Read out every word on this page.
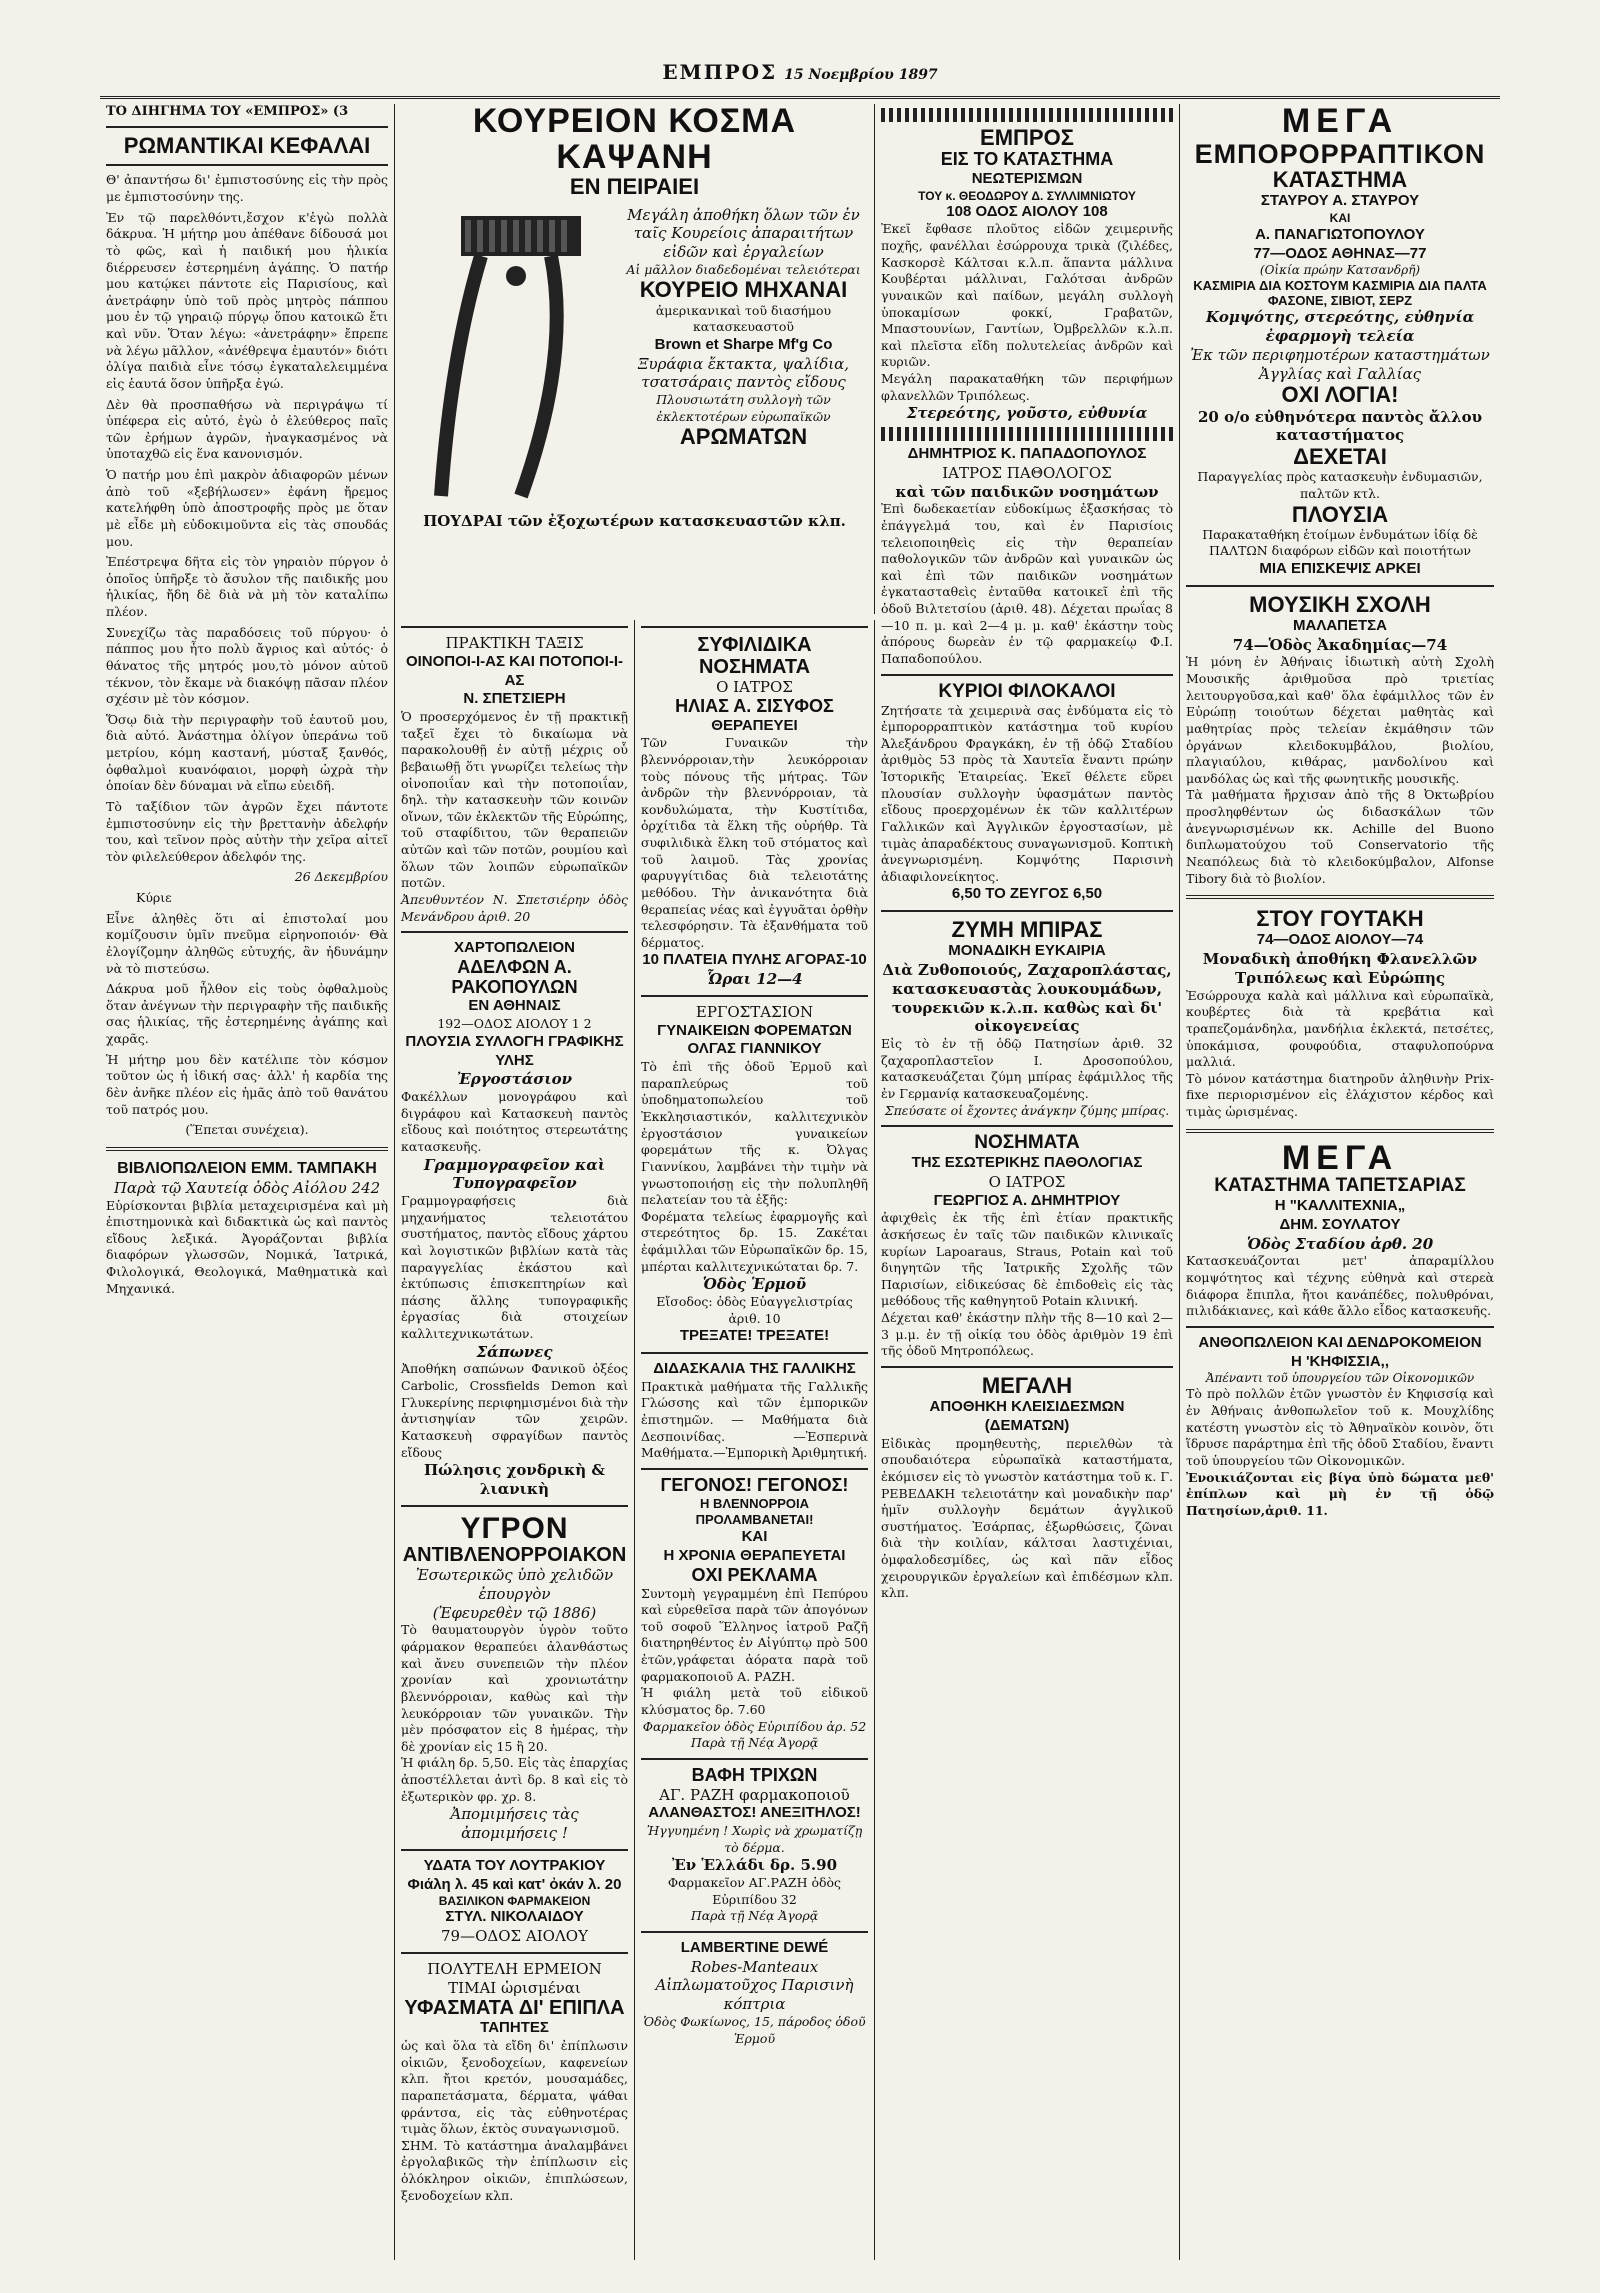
ΕΜΠΡΟΣ 15 Νοεμβρίου 1897
ΤΟ ΔΙΗΓΗΜΑ ΤΟΥ «ΕΜΠΡΟΣ» (3
ΡΩΜΑΝΤΙΚΑΙ ΚΕΦΑΛΑΙ

Θ' ἀπαντήσω δι' ἐμπιστοσύνης εἰς τὴν πρὸς με ἐμπιστοσύνην της.

Ἐν τῷ παρελθόντι,ἔσχον κ'ἐγὼ πολλὰ δάκρυα. Ἡ μήτηρ μου ἀπέθανε δίδουσά μοι τὸ φῶς, καὶ ἡ παιδική μου ἡλικία διέρρευσεν ἐστερημένη ἀγάπης. Ὁ πατήρ μου κατῴκει πάντοτε εἰς Παρισίους, καὶ ἀνετράφην ὑπὸ τοῦ πρὸς μητρὸς πάππου μου ἐν τῷ γηραιῷ πύργῳ ὅπου κατοικῶ ἔτι καὶ νῦν. Ὅταν λέγω: «ἀνετράφην» ἔπρεπε νὰ λέγω μᾶλλον, «ἀνέθρεψα ἐμαυτόν» διότι ὀλίγα παιδιὰ εἶνε τόσῳ ἐγκαταλελειμμένα εἰς ἑαυτά ὅσον ὑπῆρξα ἐγώ.

Δὲν θὰ προσπαθήσω νὰ περιγράψω τί ὑπέφερα εἰς αὐτό, ἐγὼ ὁ ἐλεύθερος παῖς τῶν ἐρήμων ἀγρῶν, ἠναγκασμένος νὰ ὑποταχθῶ εἰς ἕνα κανονισμόν.

Ὁ πατήρ μου ἐπὶ μακρὸν ἀδιαφορῶν μένων ἀπὸ τοῦ «ξεβήλωσεν» ἐφάνη ἤρεμος κατελήφθη ὑπὸ ἀποστροφῆς πρὸς με ὅταν μὲ εἶδε μὴ εὐδοκιμοῦντα εἰς τὰς σπουδάς μου.

Ἐπέστρεψα δῆτα εἰς τὸν γηραιὸν πύργον ὁ ὁποῖος ὑπῆρξε τὸ ἄσυλον τῆς παιδικῆς μου ἡλικίας, ἤδη δὲ διὰ νὰ μὴ τὸν καταλίπω πλέον.

Συνεχίζω τὰς παραδόσεις τοῦ πύργου· ὁ πάππος μου ἦτο πολὺ ἄγριος καὶ αὐτός· ὁ θάνατος τῆς μητρός μου,τὸ μόνον αὐτοῦ τέκνον, τὸν ἔκαμε νὰ διακόψῃ πᾶσαν πλέον σχέσιν μὲ τὸν κόσμον.

Ὅσῳ διὰ τὴν περιγραφὴν τοῦ ἑαυτοῦ μου, διὰ αὐτό. Ἀνάστημα ὀλίγον ὑπεράνω τοῦ μετρίου, κόμη καστανή, μύσταξ ξανθός, ὀφθαλμοὶ κυανόφαιοι, μορφὴ ὠχρὰ τὴν ὁποίαν δὲν δύναμαι νὰ εἴπω εὐειδῆ.

Τὸ ταξίδιον τῶν ἀγρῶν ἔχει πάντοτε ἐμπιστοσύνην εἰς τὴν βρεττανὴν ἀδελφήν του, καὶ τεῖνον πρὸς αὐτὴν τὴν χεῖρα αἰτεῖ τὸν φιλελεύθερον ἀδελφόν της.

26 Δεκεμβρίου

Κύριε

Εἶνε ἀληθὲς ὅτι αἱ ἐπιστολαί μου κομίζουσιν ὑμῖν πνεῦμα εἰρηνοποιόν· Θὰ ἐλογίζομην ἀληθῶς εὐτυχής, ἂν ἠδυνάμην νὰ τὸ πιστεύσω.

Δάκρυα μοῦ ἦλθον εἰς τοὺς ὀφθαλμοὺς ὅταν ἀνέγνων τὴν περιγραφὴν τῆς παιδικῆς σας ἡλικίας, τῆς ἐστερημένης ἀγάπης καὶ χαρᾶς.

Ἡ μήτηρ μου δὲν κατέλιπε τὸν κόσμον τοῦτον ὡς ἡ ἰδική σας· ἀλλ' ἡ καρδία της δὲν ἀνῆκε πλέον εἰς ἡμᾶς ἀπὸ τοῦ θανάτου τοῦ πατρός μου.

(Ἕπεται συνέχεια).

ΒΙΒΛΙΟΠΩΛΕΙΟΝ ΕΜΜ. ΤΑΜΠΑΚΗ
Παρὰ τῷ Χαυτείᾳ ὁδὸς Αἰόλου 242
Εὑρίσκονται βιβλία μεταχειρισμένα καὶ μὴ ἐπιστημονικὰ καὶ διδακτικὰ ὡς καὶ παντὸς εἴδους λεξικά. Ἀγοράζονται βιβλία διαφόρων γλωσσῶν, Νομικά, Ἰατρικά, Φιλολογικά, Θεολογικά, Μαθηματικὰ καὶ Μηχανικά.
ΚΟΥΡΕΙΟΝ ΚΟΣΜΑ ΚΑΨΑΝΗ
ΕΝ ΠΕΙΡΑΙΕΙ
Μεγάλη ἀποθήκη ὅλων τῶν ἐν ταῖς Κουρείοις ἀπαραιτήτων εἰδῶν καὶ ἐργαλείων
Αἱ μᾶλλον διαδεδομέναι τελειότεραι
ΚΟΥΡΕΙΟ ΜΗΧΑΝΑΙ
ἀμερικανικαὶ τοῦ διασήμου κατασκευαστοῦ
Brown et Sharpe Mf'g Co
Ξυράφια ἔκτακτα, ψαλίδια, τσατσάραις παντὸς εἴδους
Πλουσιωτάτη συλλογὴ τῶν ἐκλεκτοτέρων εὐρωπαϊκῶν
ΑΡΩΜΑΤΩΝ
ΠΟΥΔΡΑΙ τῶν ἐξοχωτέρων κατασκευαστῶν κλπ.
ΠΡΑΚΤΙΚΗ ΤΑΞΙΣ
ΟΙΝΟΠΟΙ-Ι-ΑΣ ΚΑΙ ΠΟΤΟΠΟΙ-Ι-ΑΣ
Ν. ΣΠΕΤΣΙΕΡΗ
Ὁ προσερχόμενος ἐν τῇ πρακτικῇ ταξεῖ ἔχει τὸ δικαίωμα νὰ παρακολουθῇ ἐν αὐτῇ μέχρις οὗ βεβαιωθῇ ὅτι γνωρίζει τελείως τὴν οἰνοποιΐαν καὶ τὴν ποτοποιΐαν, δηλ. τὴν κατασκευὴν τῶν κοινῶν οἴνων, τῶν ἐκλεκτῶν τῆς Εὐρώπης, τοῦ σταφίδιτου, τῶν θεραπειῶν αὐτῶν καὶ τῶν ποτῶν, ρουμίου καὶ ὅλων τῶν λοιπῶν εὐρωπαϊκῶν ποτῶν.
Ἀπευθυντέον Ν. Σπετσιέρην ὁδὸς Μενάνδρου ἀριθ. 20
ΧΑΡΤΟΠΩΛΕΙΟΝ
ΑΔΕΛΦΩΝ Α. ΡΑΚΟΠΟΥΛΩΝ
ΕΝ ΑΘΗΝΑΙΣ
192—ΟΔΟΣ ΑΙΟΛΟΥ 1 2
ΠΛΟΥΣΙΑ ΣΥΛΛΟΓΗ ΓΡΑΦΙΚΗΣ ΥΛΗΣ
Ἐργοστάσιον
Φακέλλων μονογράφου καὶ διγράφου καὶ Κατασκευὴ παντὸς εἴδους καὶ ποιότητος στερεωτάτης κατασκευῆς.
Γραμμογραφεῖον καὶ Τυπογραφεῖον
Γραμμογραφήσεις διὰ μηχανήματος τελειοτάτου συστήματος, παντὸς εἴδους χάρτου καὶ λογιστικῶν βιβλίων κατὰ τὰς παραγγελίας ἑκάστου καὶ ἐκτύπωσις ἐπισκεπτηρίων καὶ πάσης ἄλλης τυπογραφικῆς ἐργασίας διὰ στοιχείων καλλιτεχνικωτάτων.
Σάπωνες
Ἀποθήκη σαπώνων Φανικοῦ ὀξέος Carbolic, Crossfields Demon καὶ Γλυκερίνης περιφημισμένοι διὰ τὴν ἀντισηψίαν τῶν χειρῶν. Κατασκευὴ σφραγίδων παντὸς εἴδους
Πώλησις χονδρικὴ & λιανικὴ
ΥΓΡΟΝ
ΑΝΤΙΒΛΕΝΟΡΡΟΙΑΚΟΝ
Ἐσωτερικῶς ὑπὸ χελιδῶν ἐπουργὸν
(Ἐφευρεθὲν τῷ 1886)
Τὸ θαυματουργὸν ὑγρὸν τοῦτο φάρμακον θεραπεύει ἀλανθάστως καὶ ἄνευ συνεπειῶν τὴν πλέον χρονίαν καὶ χρονιωτάτην βλεννόρροιαν, καθὼς καὶ τὴν λευκόρροιαν τῶν γυναικῶν. Τὴν μὲν πρόσφατον εἰς 8 ἡμέρας, τὴν δὲ χρονίαν εἰς 15 ἢ 20.
Ἡ φιάλη δρ. 5,50. Εἰς τὰς ἐπαρχίας ἀποστέλλεται ἀντὶ δρ. 8 καὶ εἰς τὸ ἐξωτερικὸν φρ. χρ. 8.
Ἀπομιμήσεις τὰς ἀπομιμήσεις !
ΥΔΑΤΑ ΤΟΥ ΛΟΥΤΡΑΚΙΟΥ
Φιάλη λ. 45 καὶ κατ' ὀκάν λ. 20
ΒΑΣΙΛΙΚΟΝ ΦΑΡΜΑΚΕΙΟΝ
ΣΤΥΛ. ΝΙΚΟΛΑΙΔΟΥ
79—ΟΔΟΣ ΑΙΟΛΟΥ
ΠΟΛΥΤΕΛΗ ΕΡΜΕΙΟΝ ΤΙΜΑΙ ὡρισμέναι
ΥΦΑΣΜΑΤΑ ΔΙ' ΕΠΙΠΛΑ
ΤΑΠΗΤΕΣ
ὡς καὶ ὅλα τὰ εἴδη δι' ἐπίπλωσιν οἰκιῶν, ξενοδοχείων, καφενείων κλπ. ἤτοι κρετόν, μουσαμάδες, παραπετάσματα, δέρματα, ψάθαι φράντσα, εἰς τὰς εὐθηνοτέρας τιμὰς ὅλων, ἐκτὸς συναγωνισμοῦ.
ΣΗΜ. Τὸ κατάστημα ἀναλαμβάνει ἐργολαβικῶς τὴν ἐπίπλωσιν εἰς ὁλόκληρον οἰκιῶν, ἐπιπλώσεων, ξενοδοχείων κλπ.
ΣΥΦΙΛΙΔΙΚΑ ΝΟΣΗΜΑΤΑ
Ο ΙΑΤΡΟΣ
ΗΛΙΑΣ Α. ΣΙΣΥΦΟΣ
ΘΕΡΑΠΕΥΕΙ
Τῶν Γυναικῶν τὴν βλεννόρροιαν,τὴν λευκόρροιαν τοὺς πόνους τῆς μήτρας. Τῶν ἀνδρῶν τὴν βλεννόρροιαν, τὰ κονδυλώματα, τὴν Κυστίτιδα, ὀρχίτιδα τὰ ἕλκη τῆς οὐρήθρ. Τὰ συφιλιδικὰ ἕλκη τοῦ στόματος καὶ τοῦ λαιμοῦ. Τὰς χρονίας φαρυγγίτιδας διὰ τελειοτάτης μεθόδου. Τὴν ἀνικανότητα διὰ θεραπείας νέας καὶ ἐγγυᾶται ὀρθὴν τελεσφόρησιν. Τὰ ἐξανθήματα τοῦ δέρματος.
10 ΠΛΑΤΕΙΑ ΠΥΛΗΣ ΑΓΟΡΑΣ-10
Ὧραι 12—4
ΕΡΓΟΣΤΑΣΙΟΝ
ΓΥΝΑΙΚΕΙΩΝ ΦΟΡΕΜΑΤΩΝ
ΟΛΓΑΣ ΓΙΑΝΝΙΚΟΥ
Τὸ ἐπὶ τῆς ὁδοῦ Ἑρμοῦ καὶ παραπλεύρως τοῦ ὑποδηματοπωλείου τοῦ Ἐκκλησιαστικόν, καλλιτεχνικὸν ἐργοστάσιον γυναικείων φορεμάτων τῆς κ. Ὀλγας Γιαννίκου, λαμβάνει τὴν τιμὴν νὰ γνωστοποιήσῃ εἰς τὴν πολυπληθῆ πελατείαν του τὰ ἑξῆς:
Φορέματα τελείως ἐφαρμογῆς καὶ στερεότητος δρ. 15. Ζακέται ἐφάμιλλαι τῶν Εὐρωπαϊκῶν δρ. 15, μπέρται καλλιτεχνικώταται δρ. 7.
Ὁδὸς Ἑρμοῦ
Εἴσοδος: ὁδὸς Εὐαγγελιστρίας ἀριθ. 10
ΤΡΕΞΑΤΕ! ΤΡΕΞΑΤΕ!
ΔΙΔΑΣΚΑΛΙΑ ΤΗΣ ΓΑΛΛΙΚΗΣ
Πρακτικὰ μαθήματα τῆς Γαλλικῆς Γλώσσης καὶ τῶν ἐμπορικῶν ἐπιστημῶν. — Μαθήματα διὰ Δεσποινίδας. —Ἐσπερινὰ Μαθήματα.—Ἐμπορικὴ Ἀριθμητική.
ΓΕΓΟΝΟΣ! ΓΕΓΟΝΟΣ!
Η ΒΛΕΝΝΟΡΡΟΙΑ ΠΡΟΛΑΜΒΑΝΕΤΑΙ!
ΚΑΙ
Η ΧΡΟΝΙΑ ΘΕΡΑΠΕΥΕΤΑΙ
ΟΧΙ ΡΕΚΛΑΜΑ
Συντομὴ γεγραμμένη ἐπὶ Πεπύρου καὶ εὑρεθεῖσα παρὰ τῶν ἀπογόνων τοῦ σοφοῦ Ἕλληνος ἰατροῦ Ραζῆ διατηρηθέντος ἐν Αἰγύπτῳ πρὸ 500 ἐτῶν,γράφεται ἀόρατα παρὰ τοῦ φαρμακοποιοῦ Α. ΡΑΖΗ.
Ἡ φιάλη μετὰ τοῦ εἰδικοῦ κλύσματος δρ. 7.60
Φαρμακεῖον ὁδὸς Εὐριπίδου ἀρ. 52
Παρὰ τῇ Νέᾳ Ἀγορᾷ
ΒΑΦΗ ΤΡΙΧΩΝ
ΑΓ. ΡΑΖΗ φαρμακοποιοῦ
ΑΛΑΝΘΑΣΤΟΣ! ΑΝΕΞΙΤΗΛΟΣ!
Ἠγγυημένη ! Χωρὶς νὰ χρωματίζῃ τὸ δέρμα.
Ἐν Ἑλλάδι δρ. 5.90
Φαρμακεῖον ΑΓ.ΡΑΖΗ ὁδὸς Εὐριπίδου 32
Παρὰ τῇ Νέᾳ Ἀγορᾷ
LAMBERTINE DEWÉ
Robes-Manteaux
Αἰπλωματοῦχος Παρισινὴ κόπτρια
Ὁδὸς Φωκίωνος, 15, πάροδος ὁδοῦ Ἑρμοῦ
ΕΜΠΡΟΣ
ΕΙΣ ΤΟ ΚΑΤΑΣΤΗΜΑ
ΝΕΩΤΕΡΙΣΜΩΝ
ΤΟΥ κ. ΘΕΟΔΩΡΟΥ Δ. ΣΥΛΛΙΜΝΙΩΤΟΥ
108 ΟΔΟΣ ΑΙΟΛΟΥ 108
Ἐκεῖ ἔφθασε πλοῦτος εἰδῶν χειμερινῆς ποχῆς, φανέλλαι ἐσώρρουχα τρικὰ (ζιλέδες, Κασκορσὲ Κάλτσαι κ.λ.π. ἅπαντα μάλλινα Κουβέρται μάλλιναι, Γαλότσαι ἀνδρῶν γυναικῶν καὶ παίδων, μεγάλη συλλογὴ ὑποκαμίσων φοκκί, Γραβατῶν, Μπαστουνίων, Γαντίων, Ὀμβρελλῶν κ.λ.π. καὶ πλεῖστα εἴδη πολυτελείας ἀνδρῶν καὶ κυριῶν.
Μεγάλη παρακαταθήκη τῶν περιφήμων φλανελλῶν Τριπόλεως.
Στερεότης, γοῦστο, εὐθυνία
ΔΗΜΗΤΡΙΟΣ Κ. ΠΑΠΑΔΟΠΟΥΛΟΣ
ΙΑΤΡΟΣ ΠΑΘΟΛΟΓΟΣ
καὶ τῶν παιδικῶν νοσημάτων
Ἐπὶ δωδεκαετίαν εὐδοκίμως ἐξασκήσας τὸ ἐπάγγελμά του, καὶ ἐν Παρισίοις τελειοποιηθεὶς εἰς τὴν θεραπείαν παθολογικῶν τῶν ἀνδρῶν καὶ γυναικῶν ὡς καὶ ἐπὶ τῶν παιδικῶν νοσημάτων ἐγκατασταθεὶς ἐνταῦθα κατοικεῖ ἐπὶ τῆς ὁδοῦ Βιλτετσίου (ἀριθ. 48). Δέχεται πρωΐας 8—10 π. μ. καὶ 2—4 μ. μ. καθ' ἑκάστην τοὺς ἀπόρους δωρεὰν ἐν τῷ φαρμακείῳ Φ.Ι. Παπαδοπούλου.
ΚΥΡΙΟΙ ΦΙΛΟΚΑΛΟΙ
Ζητήσατε τὰ χειμερινὰ σας ἐνδύματα εἰς τὸ ἐμπορορραπτικὸν κατάστημα τοῦ κυρίου Ἀλεξάνδρου Φραγκάκη, ἐν τῇ ὁδῷ Σταδίου ἀριθμὸς 53 πρὸς τὰ Χαυτεῖα ἔναντι πρώην Ἱστορικῆς Ἐταιρείας. Ἐκεῖ θέλετε εὕρει πλουσίαν συλλογὴν ὑφασμάτων παντὸς εἴδους προερχομένων ἐκ τῶν καλλιτέρων Γαλλικῶν καὶ Ἀγγλικῶν ἐργοστασίων, μὲ τιμὰς ἀπαραδέκτους συναγωνισμοῦ. Κοπτικὴ ἀνεγνωρισμένη. Κομψότης Παρισινὴ ἀδιαφιλονείκητος.
6,50 ΤΟ ΖΕΥΓΟΣ 6,50
ΖΥΜΗ ΜΠΙΡΑΣ
ΜΟΝΑΔΙΚΗ ΕΥΚΑΙΡΙΑ
Διὰ Ζυθοποιούς, Ζαχαροπλάστας, κατασκευαστὰς λουκουμάδων, τουρεκιῶν κ.λ.π. καθὼς καὶ δι' οἰκογενείας
Εἰς τὸ ἐν τῇ ὁδῷ Πατησίων ἀριθ. 32 ζαχαροπλαστεῖον Ι. Δροσοπούλου, κατασκευάζεται ζύμη μπίρας ἐφάμιλλος τῆς ἐν Γερμανίᾳ κατασκευαζομένης.
Σπεύσατε οἱ ἔχοντες ἀνάγκην ζύμης μπίρας.
ΝΟΣΗΜΑΤΑ
ΤΗΣ ΕΣΩΤΕΡΙΚΗΣ ΠΑΘΟΛΟΓΙΑΣ
Ο ΙΑΤΡΟΣ
ΓΕΩΡΓΙΟΣ Α. ΔΗΜΗΤΡΙΟΥ
ἀφιχθεὶς ἐκ τῆς ἐπὶ ἐτίαν πρακτικῆς ἀσκήσεως ἐν ταῖς τῶν παιδικῶν κλινικαῖς κυρίων Lapoaraus, Straus, Potain καὶ τοῦ διηγητῶν τῆς Ἰατρικῆς Σχολῆς τῶν Παρισίων, εἰδικεύσας δὲ ἐπιδοθεὶς εἰς τὰς μεθόδους τῆς καθηγητοῦ Potain κλινική.
Δέχεται καθ' ἑκάστην πλὴν τῆς 8—10 καὶ 2—3 μ.μ. ἐν τῇ οἰκίᾳ του ὁδὸς ἀριθμὸν 19 ἐπὶ τῆς ὁδοῦ Μητροπόλεως.
ΜΕΓΑΛΗ
ΑΠΟΘΗΚΗ ΚΛΕΙΣΙΔΕΣΜΩΝ
(ΔΕΜΑΤΩΝ)
Εἰδικὰς προμηθευτὴς, περιελθὼν τὰ σπουδαιότερα εὐρωπαϊκὰ καταστήματα, ἐκόμισεν εἰς τὸ γνωστὸν κατάστημα τοῦ κ. Γ. ΡΕΒΕΔΑΚΗ τελειοτάτην καὶ μοναδικὴν παρ' ἡμῖν συλλογὴν δεμάτων ἀγγλικοῦ συστήματος. Ἐσάρπας, ἐξωρθώσεις, ζῶναι διὰ τὴν κοιλίαν, κάλτσαι λαστιχένιαι, ὀμφαλοδεσμίδες, ὡς καὶ πᾶν εἶδος χειρουργικῶν ἐργαλείων καὶ ἐπιδέσμων κλπ. κλπ.
ΜΕΓΑ
ΕΜΠΟΡΟΡΡΑΠΤΙΚΟΝ
ΚΑΤΑΣΤΗΜΑ
ΣΤΑΥΡΟΥ Α. ΣΤΑΥΡΟΥ
ΚΑΙ
Α. ΠΑΝΑΓΙΩΤΟΠΟΥΛΟΥ
77—ΟΔΟΣ ΑΘΗΝΑΣ—77
(Οἰκία πρώην Κατσανδρῆ)
ΚΑΣΜΙΡΙΑ ΔΙΑ ΚΟΣΤΟΥΜ ΚΑΣΜΙΡΙΑ ΔΙΑ ΠΑΛΤΑ ΦΑΣΟΝΕ, ΣΙΒΙΟΤ, ΣΕΡΖ
Κομψότης, στερεότης, εὐθηνία ἐφαρμογὴ τελεία
Ἐκ τῶν περιφημοτέρων καταστημάτων Ἀγγλίας καὶ Γαλλίας
ΟΧΙ ΛΟΓΙΑ!
20 ο/ο εὐθηνότερα παντὸς ἄλλου καταστήματος
ΔΕΧΕΤΑΙ
Παραγγελίας πρὸς κατασκευὴν ἐνδυμασιῶν, παλτῶν κτλ.
ΠΛΟΥΣΙΑ
Παρακαταθήκη ἑτοίμων ἐνδυμάτων ἰδίᾳ δὲ ΠΑΛΤΩΝ διαφόρων εἰδῶν καὶ ποιοτήτων
ΜΙΑ ΕΠΙΣΚΕΨΙΣ ΑΡΚΕΙ
ΜΟΥΣΙΚΗ ΣΧΟΛΗ
ΜΑΛΑΠΕΤΣΑ
74—Ὁδὸς Ἀκαδημίας—74
Ἡ μόνη ἐν Ἀθήναις ἰδιωτικὴ αὐτὴ Σχολὴ Μουσικῆς ἀριθμοῦσα πρὸ τριετίας λειτουργοῦσα,καὶ καθ' ὅλα ἐφάμιλλος τῶν ἐν Εὐρώπῃ τοιούτων δέχεται μαθητὰς καὶ μαθητρίας πρὸς τελείαν ἐκμάθησιν τῶν ὀργάνων κλειδοκυμβάλου, βιολίου, πλαγιαύλου, κιθάρας, μανδολίνου καὶ μανδόλας ὡς καὶ τῆς φωνητικῆς μουσικῆς.
Τὰ μαθήματα ἤρχισαν ἀπὸ τῆς 8 Ὀκτωβρίου προσληφθέντων ὡς διδασκάλων τῶν ἀνεγνωρισμένων κκ. Achille del Buono διπλωματούχου τοῦ Conservatorio τῆς Νεαπόλεως διὰ τὸ κλειδοκύμβαλον, Alfonse Tibory διὰ τὸ βιολίον.
ΣΤΟΥ ΓΟΥΤΑΚΗ
74—ΟΔΟΣ ΑΙΟΛΟΥ—74
Μοναδικὴ ἀποθήκη Φλανελλῶν Τριπόλεως καὶ Εὐρώπης
Ἐσώρρουχα καλὰ καὶ μάλλινα καὶ εὐρωπαϊκὰ, κουβέρτες διὰ τὰ κρεβάτια καὶ τραπεζομάνδηλα, μανδήλια ἐκλεκτά, πετσέτες, ὑποκάμισα, φουφούδια, σταφυλοπούρνα μαλλιά.
Τὸ μόνον κατάστημα διατηροῦν ἀληθινὴν Prix-fixe περιορισμένον εἰς ἐλάχιστον κέρδος καὶ τιμὰς ὡρισμένας.
ΜΕΓΑ
ΚΑΤΑΣΤΗΜΑ ΤΑΠΕΤΣΑΡΙΑΣ
Η "ΚΑΛΛΙΤΕΧΝΙΑ„
ΔΗΜ. ΣΟΥΛΑΤΟΥ
Ὁδὸς Σταδίου ἀρθ. 20
Κατασκευάζονται μετ' ἀπαραμίλλου κομψότητος καὶ τέχνης εὐθηνὰ καὶ στερεὰ διάφορα ἔπιπλα, ἤτοι κανάπέδες, πολυθρόναι, πιλιδάκιανες, καὶ κάθε ἄλλο εἶδος κατασκευῆς.
ΑΝΘΟΠΩΛΕΙΟΝ ΚΑΙ ΔΕΝΔΡΟΚΟΜΕΙΟΝ
Η 'ΚΗΦΙΣΣΙΑ,,
Ἀπέναντι τοῦ ὑπουργείου τῶν Οἰκονομικῶν
Τὸ πρὸ πολλῶν ἐτῶν γνωστὸν ἐν Κηφισσίᾳ καὶ ἐν Ἀθήναις ἀνθοπωλεῖον τοῦ κ. Μουχλίδης κατέστη γνωστὸν εἰς τὸ Ἀθηναϊκὸν κοινὸν, ὅτι ἵδρυσε παράρτημα ἐπὶ τῆς ὁδοῦ Σταδίου, ἔναντι τοῦ ὑπουργείου τῶν Οἰκονομικῶν.
Ἐνοικιάζονται εἰς βίγα ὑπὸ δώματα μεθ' ἐπίπλων καὶ μὴ ἐν τῇ ὁδῷ Πατησίων,ἀριθ. 11.
